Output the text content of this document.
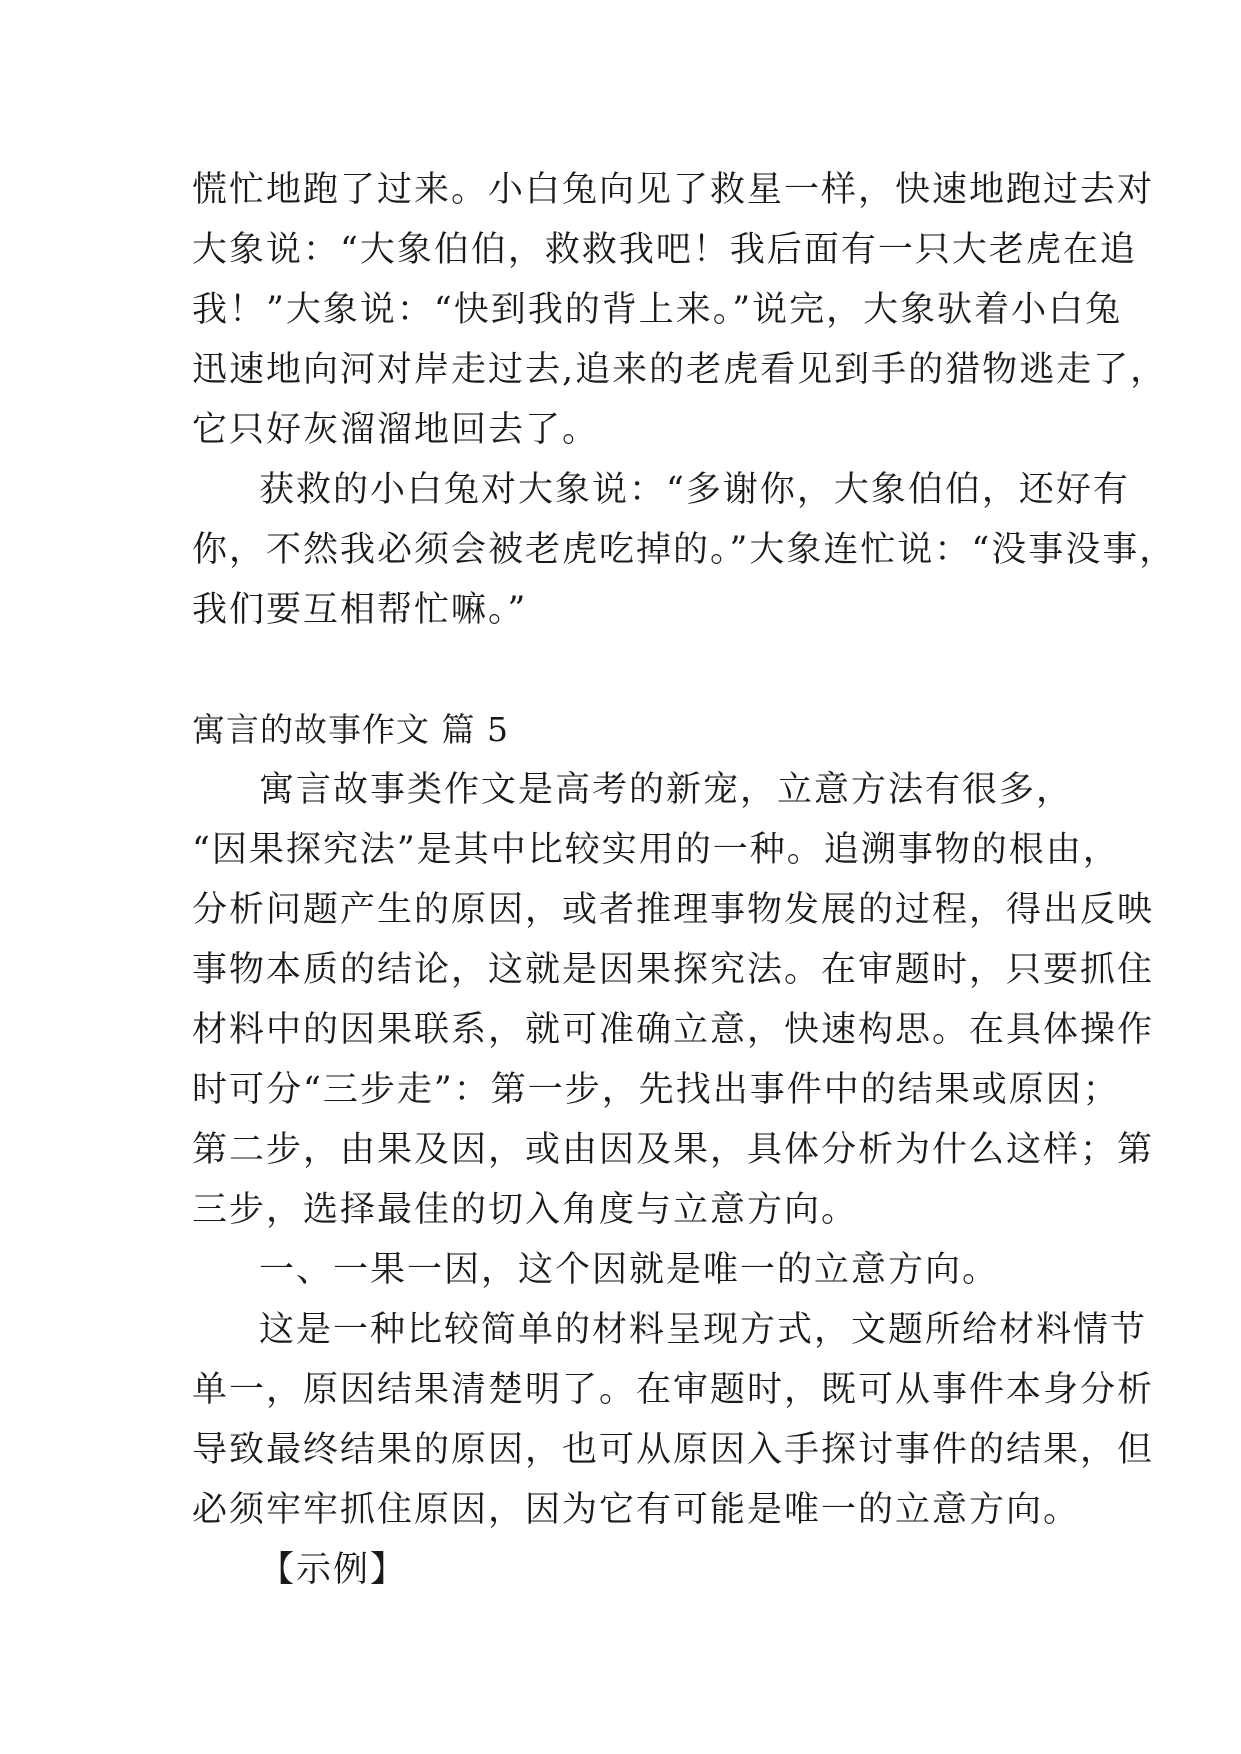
慌忙地跑了过来。小白兔向见了救星一样，快速地跑过去对
大象说：“大象伯伯，救救我吧！我后面有一只大老虎在追
我！”大象说：“快到我的背上来。”说完，大象驮着小白兔
迅速地向河对岸走过去,追来的老虎看见到手的猎物逃走了，
它只好灰溜溜地回去了。
获救的小白兔对大象说：“多谢你，大象伯伯，还好有
你，不然我必须会被老虎吃掉的。”大象连忙说：“没事没事，
我们要互相帮忙嘛。”
寓言的故事作文 篇 5
寓言故事类作文是高考的新宠，立意方法有很多，
“因果探究法”是其中比较实用的一种。追溯事物的根由，
分析问题产生的原因，或者推理事物发展的过程，得出反映
事物本质的结论，这就是因果探究法。在审题时，只要抓住
材料中的因果联系，就可准确立意，快速构思。在具体操作
时可分“三步走”：第一步，先找出事件中的结果或原因；
第二步，由果及因，或由因及果，具体分析为什么这样；第
三步，选择最佳的切入角度与立意方向。
一、一果一因，这个因就是唯一的立意方向。
这是一种比较简单的材料呈现方式，文题所给材料情节
单一，原因结果清楚明了。在审题时，既可从事件本身分析
导致最终结果的原因，也可从原因入手探讨事件的结果，但
必须牢牢抓住原因，因为它有可能是唯一的立意方向。
【示例】
